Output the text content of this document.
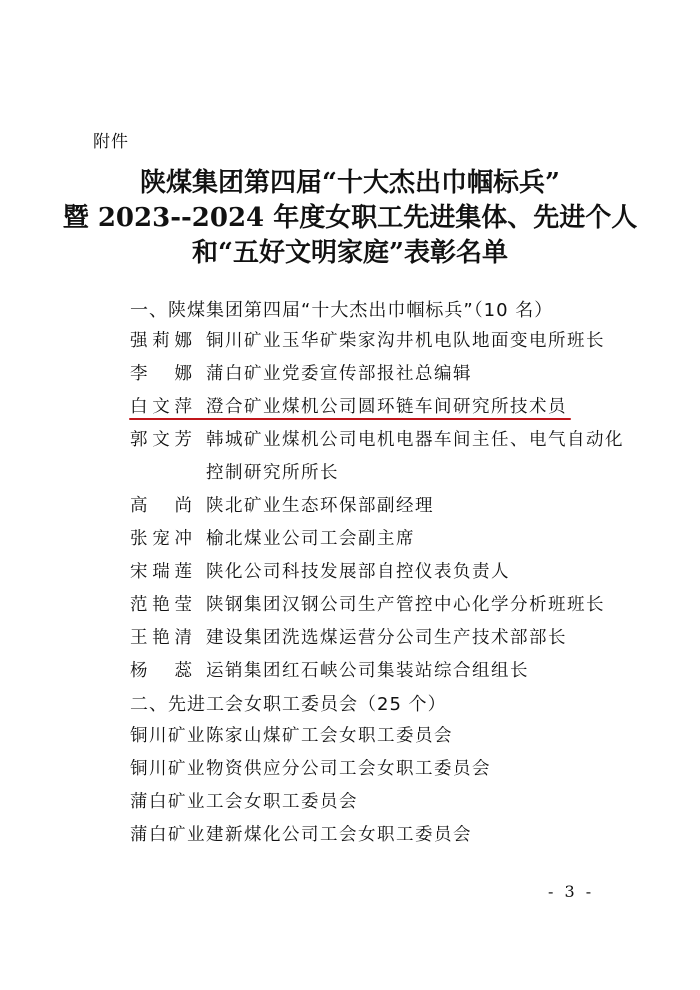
附件
陕煤集团第四届“十大杰出巾帼标兵”
暨 2023--2024 年度女职工先进集体、先进个人
和“五好文明家庭”表彰名单
一、陕煤集团第四届“十大杰出巾帼标兵”（10 名）
强莉娜 铜川矿业玉华矿柴家沟井机电队地面变电所班长
李娜 蒲白矿业党委宣传部报社总编辑
白文萍 澄合矿业煤机公司圆环链车间研究所技术员
郭文芳 韩城矿业煤机公司电机电器车间主任、电气自动化
控制研究所所长
高尚 陕北矿业生态环保部副经理
张宠冲 榆北煤业公司工会副主席
宋瑞莲 陕化公司科技发展部自控仪表负责人
范艳莹 陕钢集团汉钢公司生产管控中心化学分析班班长
王艳清 建设集团洗选煤运营分公司生产技术部部长
杨蕊 运销集团红石峡公司集装站综合组组长
二、先进工会女职工委员会（25 个）
铜川矿业陈家山煤矿工会女职工委员会
铜川矿业物资供应分公司工会女职工委员会
蒲白矿业工会女职工委员会
蒲白矿业建新煤化公司工会女职工委员会
- 3 -
